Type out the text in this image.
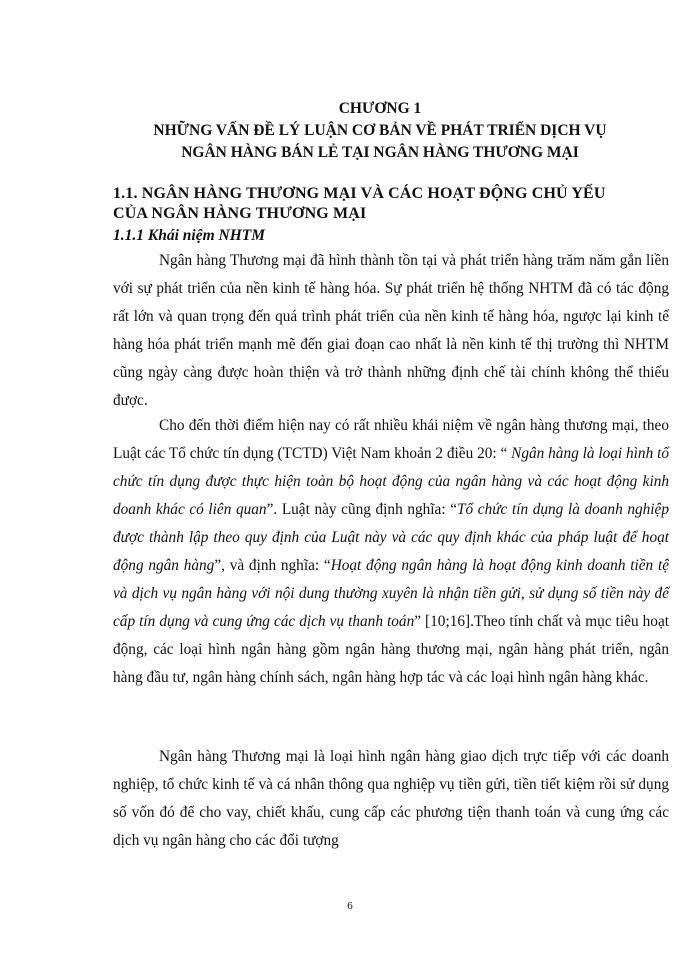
CHƯƠNG 1
NHỮNG VẤN ĐỀ LÝ LUẬN CƠ BẢN VỀ PHÁT TRIỂN DỊCH VỤ
NGÂN HÀNG BÁN LẺ TẠI NGÂN HÀNG THƯƠNG MẠI
1.1. NGÂN HÀNG THƯƠNG MẠI VÀ CÁC HOẠT ĐỘNG CHỦ YẾU
CỦA NGÂN HÀNG THƯƠNG MẠI
1.1.1 Khái niệm NHTM

Ngân hàng Thương mại đã hình thành tồn tại và phát triển hàng trăm năm gắn liền với sự phát triển của nền kinh tế hàng hóa. Sự phát triển hệ thống NHTM đã có tác động rất lớn và quan trọng đến quá trình phát triển của nền kinh tế hàng hóa, ngược lại kinh tế hàng hóa phát triển mạnh mẽ đến giai đoạn cao nhất là nền kinh tế thị trường thì NHTM cũng ngày càng được hoàn thiện và trở thành những định chế tài chính không thể thiếu được.

Cho đến thời điểm hiện nay có rất nhiều khái niệm về ngân hàng thương mại, theo Luật các Tổ chức tín dụng (TCTD) Việt Nam khoản 2 điều 20: “ Ngân hàng là loại hình tổ chức tín dụng được thực hiện toàn bộ hoạt động của ngân hàng và các hoạt động kinh doanh khác có liên quan”. Luật này cũng định nghĩa: “Tổ chức tín dụng là doanh nghiệp được thành lập theo quy định của Luật này và các quy định khác của pháp luật để hoạt động ngân hàng”, và định nghĩa: “Hoạt động ngân hàng là hoạt động kinh doanh tiền tệ và dịch vụ ngân hàng với nội dung thường xuyên là nhận tiền gửi, sử dụng số tiền này để cấp tín dụng và cung ứng các dịch vụ thanh toán” [10;16].Theo tính chất và mục tiêu hoạt động, các loại hình ngân hàng gồm ngân hàng thương mại, ngân hàng phát triển, ngân hàng đầu tư, ngân hàng chính sách, ngân hàng hợp tác và các loại hình ngân hàng khác.

Ngân hàng Thương mại là loại hình ngân hàng giao dịch trực tiếp với các doanh nghiệp, tổ chức kinh tế và cá nhân thông qua nghiệp vụ tiền gửi, tiền tiết kiệm rồi sử dụng số vốn đó để cho vay, chiết khấu, cung cấp các phương tiện thanh toán và cung ứng các dịch vụ ngân hàng cho các đối tượng

6
